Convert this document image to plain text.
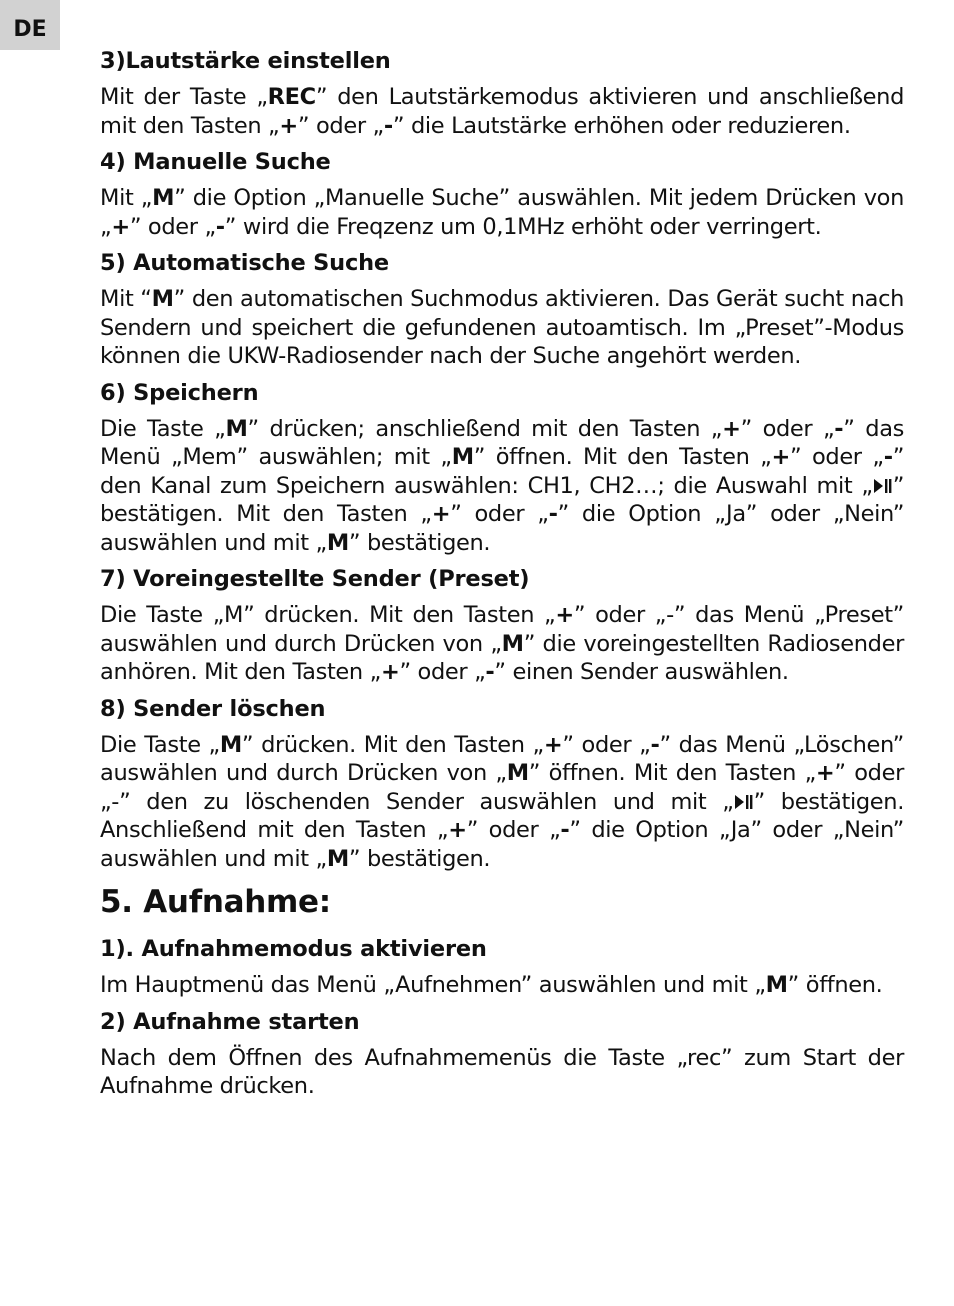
DE
3)Lautstärke einstellen

Mit der Taste „REC” den Lautstärkemodus aktivieren und anschließend mit den Tasten „+” oder „-” die Lautstärke erhöhen oder reduzieren.

4) Manuelle Suche

Mit „M” die Option „Manuelle Suche” auswählen. Mit jedem Drücken von „+” oder „-” wird die Freqzenz um 0,1MHz erhöht oder verringert.

5) Automatische Suche

Mit “M” den automatischen Suchmodus aktivieren. Das Gerät sucht nach Sendern und speichert die gefundenen autoamtisch. Im „Preset”-Modus können die UKW-Radiosender nach der Suche angehört werden.

6) Speichern

Die Taste „M” drücken; anschließend mit den Tasten „+” oder „-” das Menü „Mem” auswählen; mit „M” öffnen. Mit den Tasten „+” oder „-” den Kanal zum Speichern auswählen: CH1, CH2…; die Auswahl mit „ ” bestätigen. Mit den Tasten „+” oder „-” die Option „Ja” oder „Nein” auswählen und mit „M” bestätigen.

7) Voreingestellte Sender (Preset)

Die Taste „M” drücken. Mit den Tasten „+” oder „-” das Menü „Preset” auswählen und durch Drücken von „M” die voreingestellten Radiosender anhören. Mit den Tasten „+” oder „-” einen Sender auswählen.

8) Sender löschen

Die Taste „M” drücken. Mit den Tasten „+” oder „-” das Menü „Löschen” auswählen und durch Drücken von „M” öffnen. Mit den Tasten „+” oder „-” den zu löschenden Sender auswählen und mit „ ” bestätigen. Anschließend mit den Tasten „+” oder „-” die Option „Ja” oder „Nein” auswählen und mit „M” bestätigen.

5. Aufnahme:
1). Aufnahmemodus aktivieren

Im Hauptmenü das Menü „Aufnehmen” auswählen und mit „M” öffnen.

2) Aufnahme starten

Nach dem Öffnen des Aufnahmemenüs die Taste „rec” zum Start der Aufnahme drücken.
